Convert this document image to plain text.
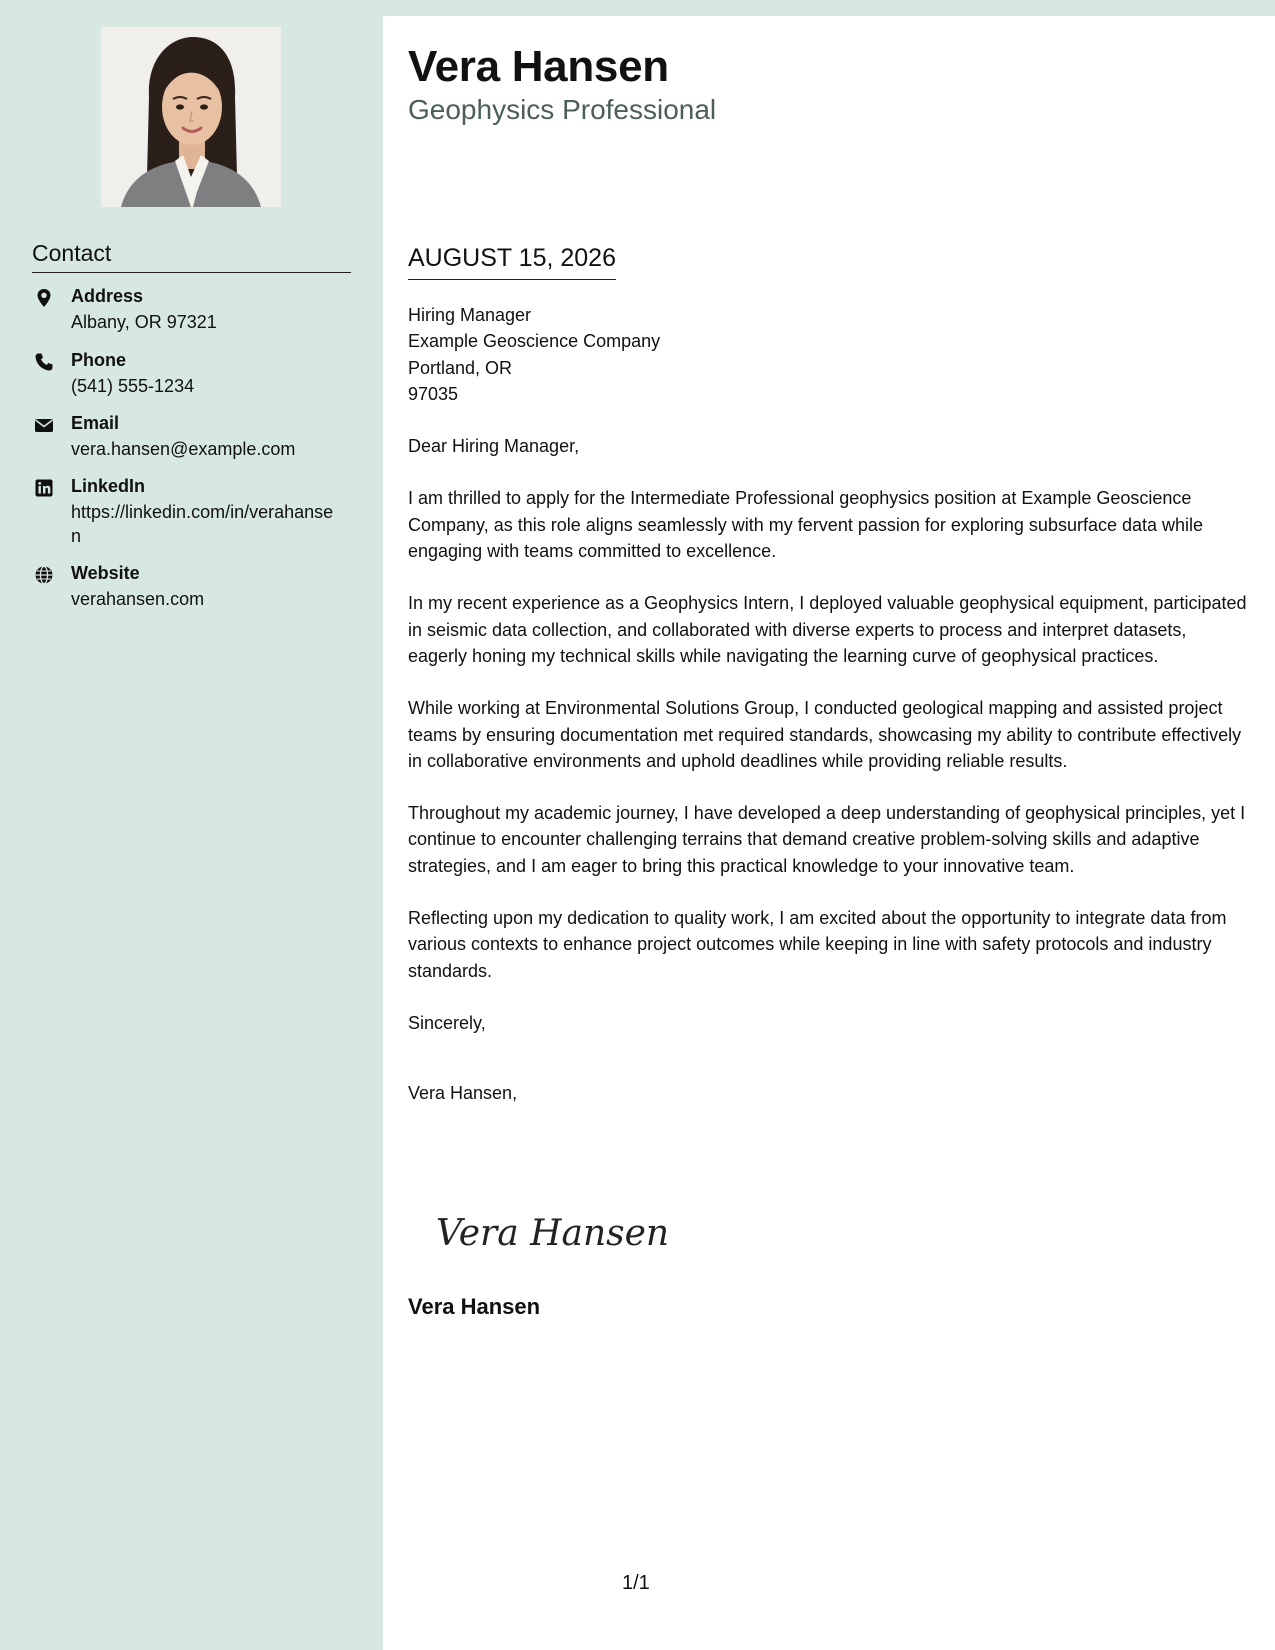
Contact
Address
Albany, OR 97321
Phone
(541) 555-1234
Email
vera.hansen@example.com
LinkedIn
https://linkedin.com/in/verahansen
Website
verahansen.com
Vera Hansen
Geophysics Professional
AUGUST 15, 2026
Hiring Manager
Example Geoscience Company
Portland, OR
97035

Dear Hiring Manager,

I am thrilled to apply for the Intermediate Professional geophysics position at Example Geoscience Company, as this role aligns seamlessly with my fervent passion for exploring subsurface data while engaging with teams committed to excellence.

In my recent experience as a Geophysics Intern, I deployed valuable geophysical equipment, participated in seismic data collection, and collaborated with diverse experts to process and interpret datasets, eagerly honing my technical skills while navigating the learning curve of geophysical practices.

While working at Environmental Solutions Group, I conducted geological mapping and assisted project teams by ensuring documentation met required standards, showcasing my ability to contribute effectively in collaborative environments and uphold deadlines while providing reliable results.

Throughout my academic journey, I have developed a deep understanding of geophysical principles, yet I continue to encounter challenging terrains that demand creative problem-solving skills and adaptive strategies, and I am eager to bring this practical knowledge to your innovative team.

Reflecting upon my dedication to quality work, I am excited about the opportunity to integrate data from various contexts to enhance project outcomes while keeping in line with safety protocols and industry standards.

Sincerely,

Vera Hansen,

Vera Hansen
Vera Hansen
1/1
